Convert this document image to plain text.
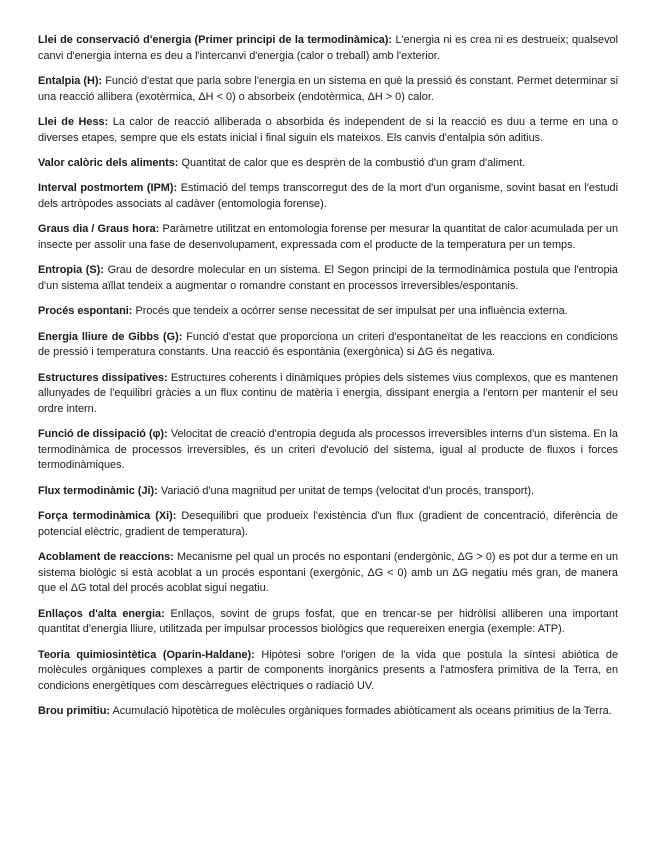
Llei de conservació d'energia (Primer principi de la termodinàmica): L'energia ni es crea ni es destrueix; qualsevol canvi d'energia interna es deu a l'intercanvi d'energia (calor o treball) amb l'exterior.

Entalpia (H): Funció d'estat que parla sobre l'energia en un sistema en què la pressió és constant. Permet determinar si una reacció allibera (exotèrmica, ΔH < 0) o absorbeix (endotèrmica, ΔH > 0) calor.

Llei de Hess: La calor de reacció alliberada o absorbida és independent de si la reacció es duu a terme en una o diverses etapes, sempre que els estats inicial i final siguin els mateixos. Els canvis d'entalpia són aditius.

Valor calòric dels aliments: Quantitat de calor que es desprèn de la combustió d'un gram d'aliment.

Interval postmortem (IPM): Estimació del temps transcorregut des de la mort d'un organisme, sovint basat en l'estudi dels artròpodes associats al cadàver (entomologia forense).

Graus dia / Graus hora: Paràmetre utilitzat en entomologia forense per mesurar la quantitat de calor acumulada per un insecte per assolir una fase de desenvolupament, expressada com el producte de la temperatura per un temps.

Entropia (S): Grau de desordre molecular en un sistema. El Segon principi de la termodinàmica postula que l'entropia d'un sistema aïllat tendeix a augmentar o romandre constant en processos irreversibles/espontanis.

Procés espontani: Procés que tendeix a ocórrer sense necessitat de ser impulsat per una influència externa.

Energia lliure de Gibbs (G): Funció d'estat que proporciona un criteri d'espontaneïtat de les reaccions en condicions de pressió i temperatura constants. Una reacció és espontània (exergònica) si ΔG és negativa.

Estructures dissipatives: Estructures coherents i dinàmiques pròpies dels sistemes vius complexos, que es mantenen allunyades de l'equilibri gràcies a un flux continu de matèria i energia, dissipant energia a l'entorn per mantenir el seu ordre intern.

Funció de dissipació (φ): Velocitat de creació d'entropia deguda als processos irreversibles interns d'un sistema. En la termodinàmica de processos irreversibles, és un criteri d'evolució del sistema, igual al producte de fluxos i forces termodinàmiques.

Flux termodinàmic (Ji): Variació d'una magnitud per unitat de temps (velocitat d'un procés, transport).

Força termodinàmica (Xi): Desequilibri que produeix l'existència d'un flux (gradient de concentració, diferència de potencial elèctric, gradient de temperatura).

Acoblament de reaccions: Mecanisme pel qual un procés no espontani (endergònic, ΔG > 0) es pot dur a terme en un sistema biològic si està acoblat a un procés espontani (exergònic, ΔG < 0) amb un ΔG negatiu més gran, de manera que el ΔG total del procés acoblat sigui negatiu.

Enllaços d'alta energia: Enllaços, sovint de grups fosfat, que en trencar-se per hidròlisi alliberen una important quantitat d'energia lliure, utilitzada per impulsar processos biològics que requereixen energia (exemple: ATP).

Teoria quimiosintètica (Oparin-Haldane): Hipòtesi sobre l'origen de la vida que postula la síntesi abiòtica de molècules orgàniques complexes a partir de components inorgànics presents a l'atmosfera primitiva de la Terra, en condicions energètiques com descàrregues elèctriques o radiació UV.

Brou primitiu: Acumulació hipotètica de molècules orgàniques formades abiòticament als oceans primitius de la Terra.
